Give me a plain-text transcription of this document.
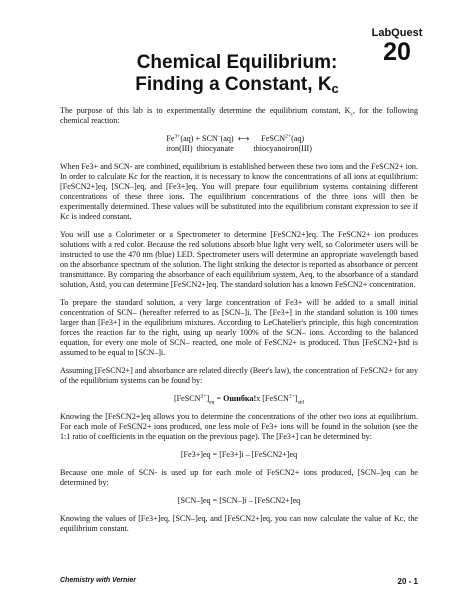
LabQuest
20
Chemical Equilibrium:
Finding a Constant, Kc

The purpose of this lab is to experimentally determine the equilibrium constant, $K_c$, for the following chemical reaction:

$Fe^{3+}(aq) + SCN^-(aq)$		⟷	FeSCN$^{2+}$(aq)
iron(III)	thiocyanate		thiocyanoiron(III)

When Fe3+ and SCN- are combined, equilibrium is established between these two ions and the FeSCN2+ ion. In order to calculate Kc for the reaction, it is necessary to know the concentrations of all ions at equilibrium: [FeSCN2+]eq, [SCN–]eq, and [Fe3+]eq. You will prepare four equilibrium systems containing different concentrations of these three ions. The equilibrium concentrations of the three ions will then be experimentally determined. These values will be substituted into the equilibrium constant expression to see if Kc is indeed constant.

You will use a Colorimeter or a Spectrometer to determine [FeSCN2+]eq. The FeSCN2+ ion produces solutions with a red color. Because the red solutions absorb blue light very well, so Colorimeter users will be instructed to use the 470 nm (blue) LED. Spectrometer users will determine an appropriate wavelength based on the absorbance spectrum of the solution. The light striking the detector is reported as absorbance or percent transmittance. By comparing the absorbance of each equilibrium system, Aeq, to the absorbance of a standard solution, Astd, you can determine [FeSCN2+]eq. The standard solution has a known FeSCN2+ concentration.

To prepare the standard solution, a very large concentration of Fe3+ will be added to a small initial concentration of SCN– (hereafter referred to as [SCN–]i. The [Fe3+] in the standard solution is 100 times larger than [Fe3+] in the equilibrium mixtures. According to LeChatelier's principle, this high concentration forces the reaction far to the right, using up nearly 100% of the SCN– ions. According to the balanced equation, for every one mole of SCN– reacted, one mole of FeSCN2+ is produced. Thus [FeSCN2+]std is assumed to be equal to [SCN–]i.

Assuming [FeSCN2+] and absorbance are related directly (Beer's law), the concentration of FeSCN2+ for any of the equilibrium systems can be found by:

$[FeSCN^{2+}]_{eq}$ = Ошибка!x $[FeSCN^{2+}]_{std}$

Knowing the [FeSCN2+]eq allows you to determine the concentrations of the other two ions at equilibrium. For each mole of FeSCN2+ ions produced, one less mole of Fe3+ ions will be found in the solution (see the 1:1 ratio of coefficients in the equation on the previous page). The [Fe3+] can be determined by:

[Fe3+]eq = [Fe3+]i – [FeSCN2+]eq

Because one mole of SCN- is used up for each mole of FeSCN2+ ions produced, [SCN–]eq can be determined by:

[SCN–]eq = [SCN–]i – [FeSCN2+]eq

Knowing the values of [Fe3+]eq, [SCN–]eq, and [FeSCN2+]eq, you can now calculate the value of Kc, the equilibrium constant.

Chemistry with Vernier	20 - 1
